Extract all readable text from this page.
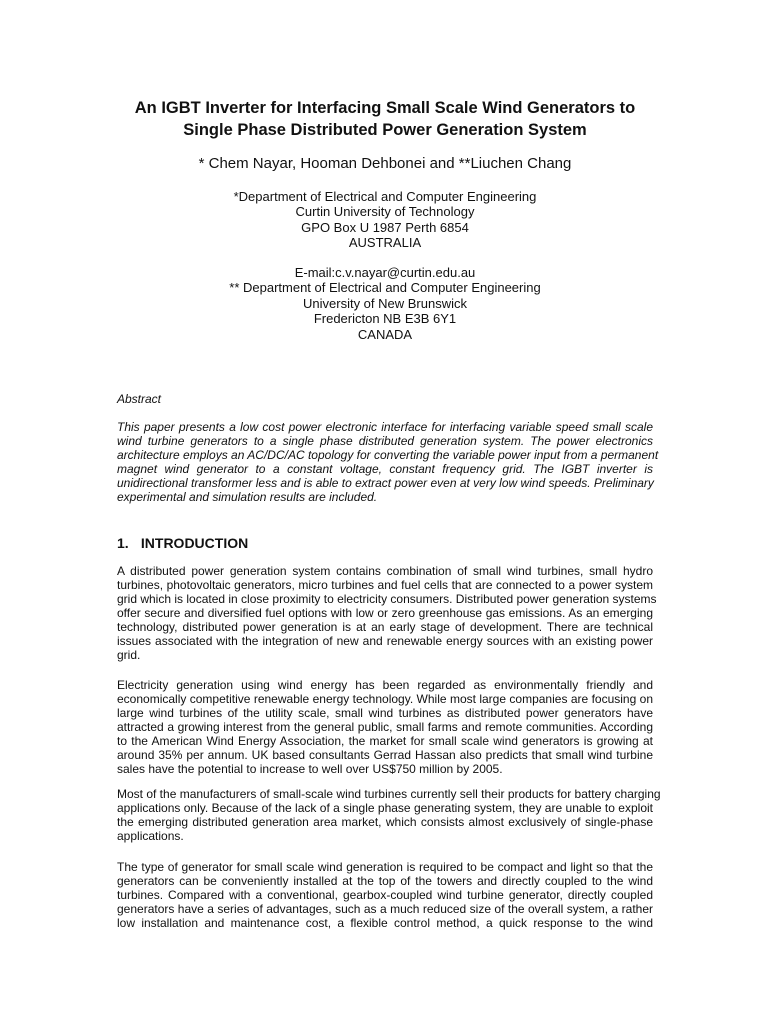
An IGBT Inverter for Interfacing Small Scale Wind Generators to
Single Phase Distributed Power Generation System
* Chem Nayar, Hooman Dehbonei and **Liuchen Chang
*Department of Electrical and Computer Engineering
Curtin University of Technology
GPO Box U 1987 Perth 6854
AUSTRALIA
E-mail:c.v.nayar@curtin.edu.au
** Department of Electrical and Computer Engineering
University of New Brunswick
Fredericton NB E3B 6Y1
CANADA
Abstract
This paper presents a low cost power electronic interface for interfacing variable speed small scale
wind turbine generators to a single phase distributed generation system. The power electronics
architecture employs an AC/DC/AC topology for converting the variable power input from a permanent
magnet wind generator to a constant voltage, constant frequency grid. The IGBT inverter is
unidirectional transformer less and is able to extract power even at very low wind speeds. Preliminary
experimental and simulation results are included.
1. INTRODUCTION
A distributed power generation system contains combination of small wind turbines, small hydro
turbines, photovoltaic generators, micro turbines and fuel cells that are connected to a power system
grid which is located in close proximity to electricity consumers. Distributed power generation systems
offer secure and diversified fuel options with low or zero greenhouse gas emissions. As an emerging
technology, distributed power generation is at an early stage of development. There are technical
issues associated with the integration of new and renewable energy sources with an existing power
grid.
Electricity generation using wind energy has been regarded as environmentally friendly and
economically competitive renewable energy technology. While most large companies are focusing on
large wind turbines of the utility scale, small wind turbines as distributed power generators have
attracted a growing interest from the general public, small farms and remote communities. According
to the American Wind Energy Association, the market for small scale wind generators is growing at
around 35% per annum. UK based consultants Gerrad Hassan also predicts that small wind turbine
sales have the potential to increase to well over US$750 million by 2005.
Most of the manufacturers of small-scale wind turbines currently sell their products for battery charging
applications only. Because of the lack of a single phase generating system, they are unable to exploit
the emerging distributed generation area market, which consists almost exclusively of single-phase
applications.
The type of generator for small scale wind generation is required to be compact and light so that the
generators can be conveniently installed at the top of the towers and directly coupled to the wind
turbines. Compared with a conventional, gearbox-coupled wind turbine generator, directly coupled
generators have a series of advantages, such as a much reduced size of the overall system, a rather
low installation and maintenance cost, a flexible control method, a quick response to the wind
